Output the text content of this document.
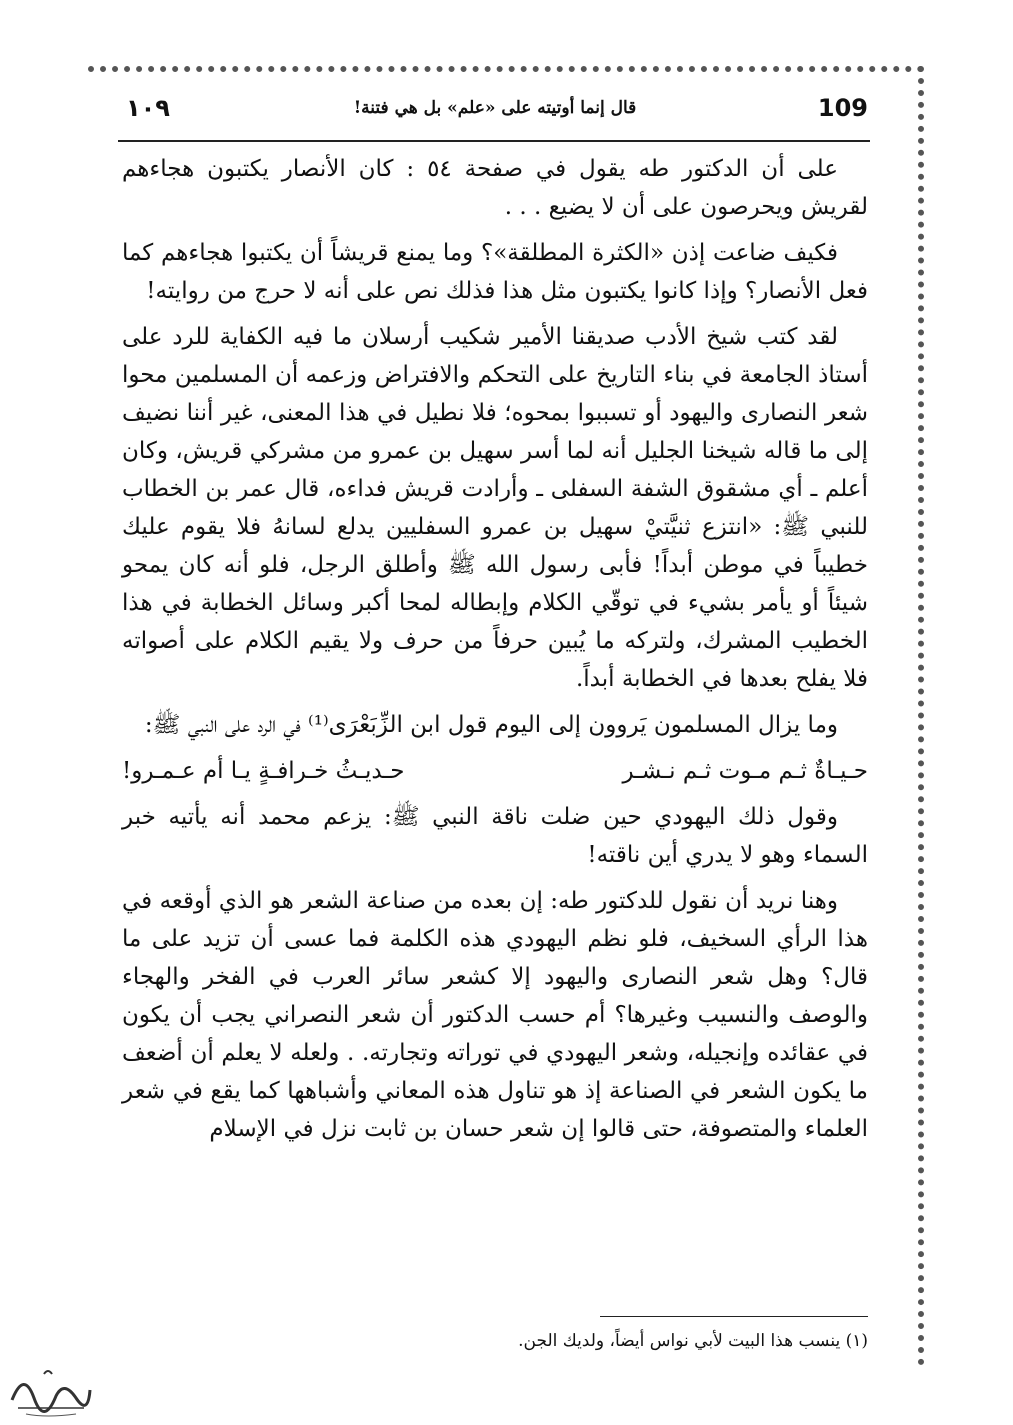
109
قال إنما أوتيته على «علم» بل هي فتنة!
١٠٩

على أن الدكتور طه يقول في صفحة ٥٤ : كان الأنصار يكتبون هجاءهم لقريش ويحرصون على أن لا يضيع . . .

فكيف ضاعت إذن «الكثرة المطلقة»؟ وما يمنع قريشاً أن يكتبوا هجاءهم كما فعل الأنصار؟ وإذا كانوا يكتبون مثل هذا فذلك نص على أنه لا حرج من روايته!

لقد كتب شيخ الأدب صديقنا الأمير شكيب أرسلان ما فيه الكفاية للرد على أستاذ الجامعة في بناء التاريخ على التحكم والافتراض وزعمه أن المسلمين محوا شعر النصارى واليهود أو تسببوا بمحوه؛ فلا نطيل في هذا المعنى، غير أننا نضيف إلى ما قاله شيخنا الجليل أنه لما أسر سهيل بن عمرو من مشركي قريش، وكان أعلم ـ أي مشقوق الشفة السفلى ـ وأرادت قريش فداءه، قال عمر بن الخطاب للنبي ﷺ: «انتزع ثنيَّتيْ سهيل بن عمرو السفليين يدلع لسانهُ فلا يقوم عليك خطيباً في موطن أبداً! فأبى رسول الله ﷺ وأطلق الرجل، فلو أنه كان يمحو شيئاً أو يأمر بشيء في توقّي الكلام وإبطاله لمحا أكبر وسائل الخطابة في هذا الخطيب المشرك، ولتركه ما يُبين حرفاً من حرف ولا يقيم الكلام على أصواته فلا يفلح بعدها في الخطابة أبداً.

وما يزال المسلمون يَروون إلى اليوم قول ابن الزِّبَعْرَى⁽¹⁾ في الرد على النبي ﷺ:

حـيـاةٌ ثـم مـوت ثـم نـشـر
حـديـثُ خـرافـةٍ يـا أم عـمـرو!

وقول ذلك اليهودي حين ضلت ناقة النبي ﷺ: يزعم محمد أنه يأتيه خبر السماء وهو لا يدري أين ناقته!

وهنا نريد أن نقول للدكتور طه: إن بعده من صناعة الشعر هو الذي أوقعه في هذا الرأي السخيف، فلو نظم اليهودي هذه الكلمة فما عسى أن تزيد على ما قال؟ وهل شعر النصارى واليهود إلا كشعر سائر العرب في الفخر والهجاء والوصف والنسيب وغيرها؟ أم حسب الدكتور أن شعر النصراني يجب أن يكون في عقائده وإنجيله، وشعر اليهودي في توراته وتجارته. . ولعله لا يعلم أن أضعف ما يكون الشعر في الصناعة إذ هو تناول هذه المعاني وأشباهها كما يقع في شعر العلماء والمتصوفة، حتى قالوا إن شعر حسان بن ثابت نزل في الإسلام

(١) ينسب هذا البيت لأبي نواس أيضاً، ولديك الجن.
